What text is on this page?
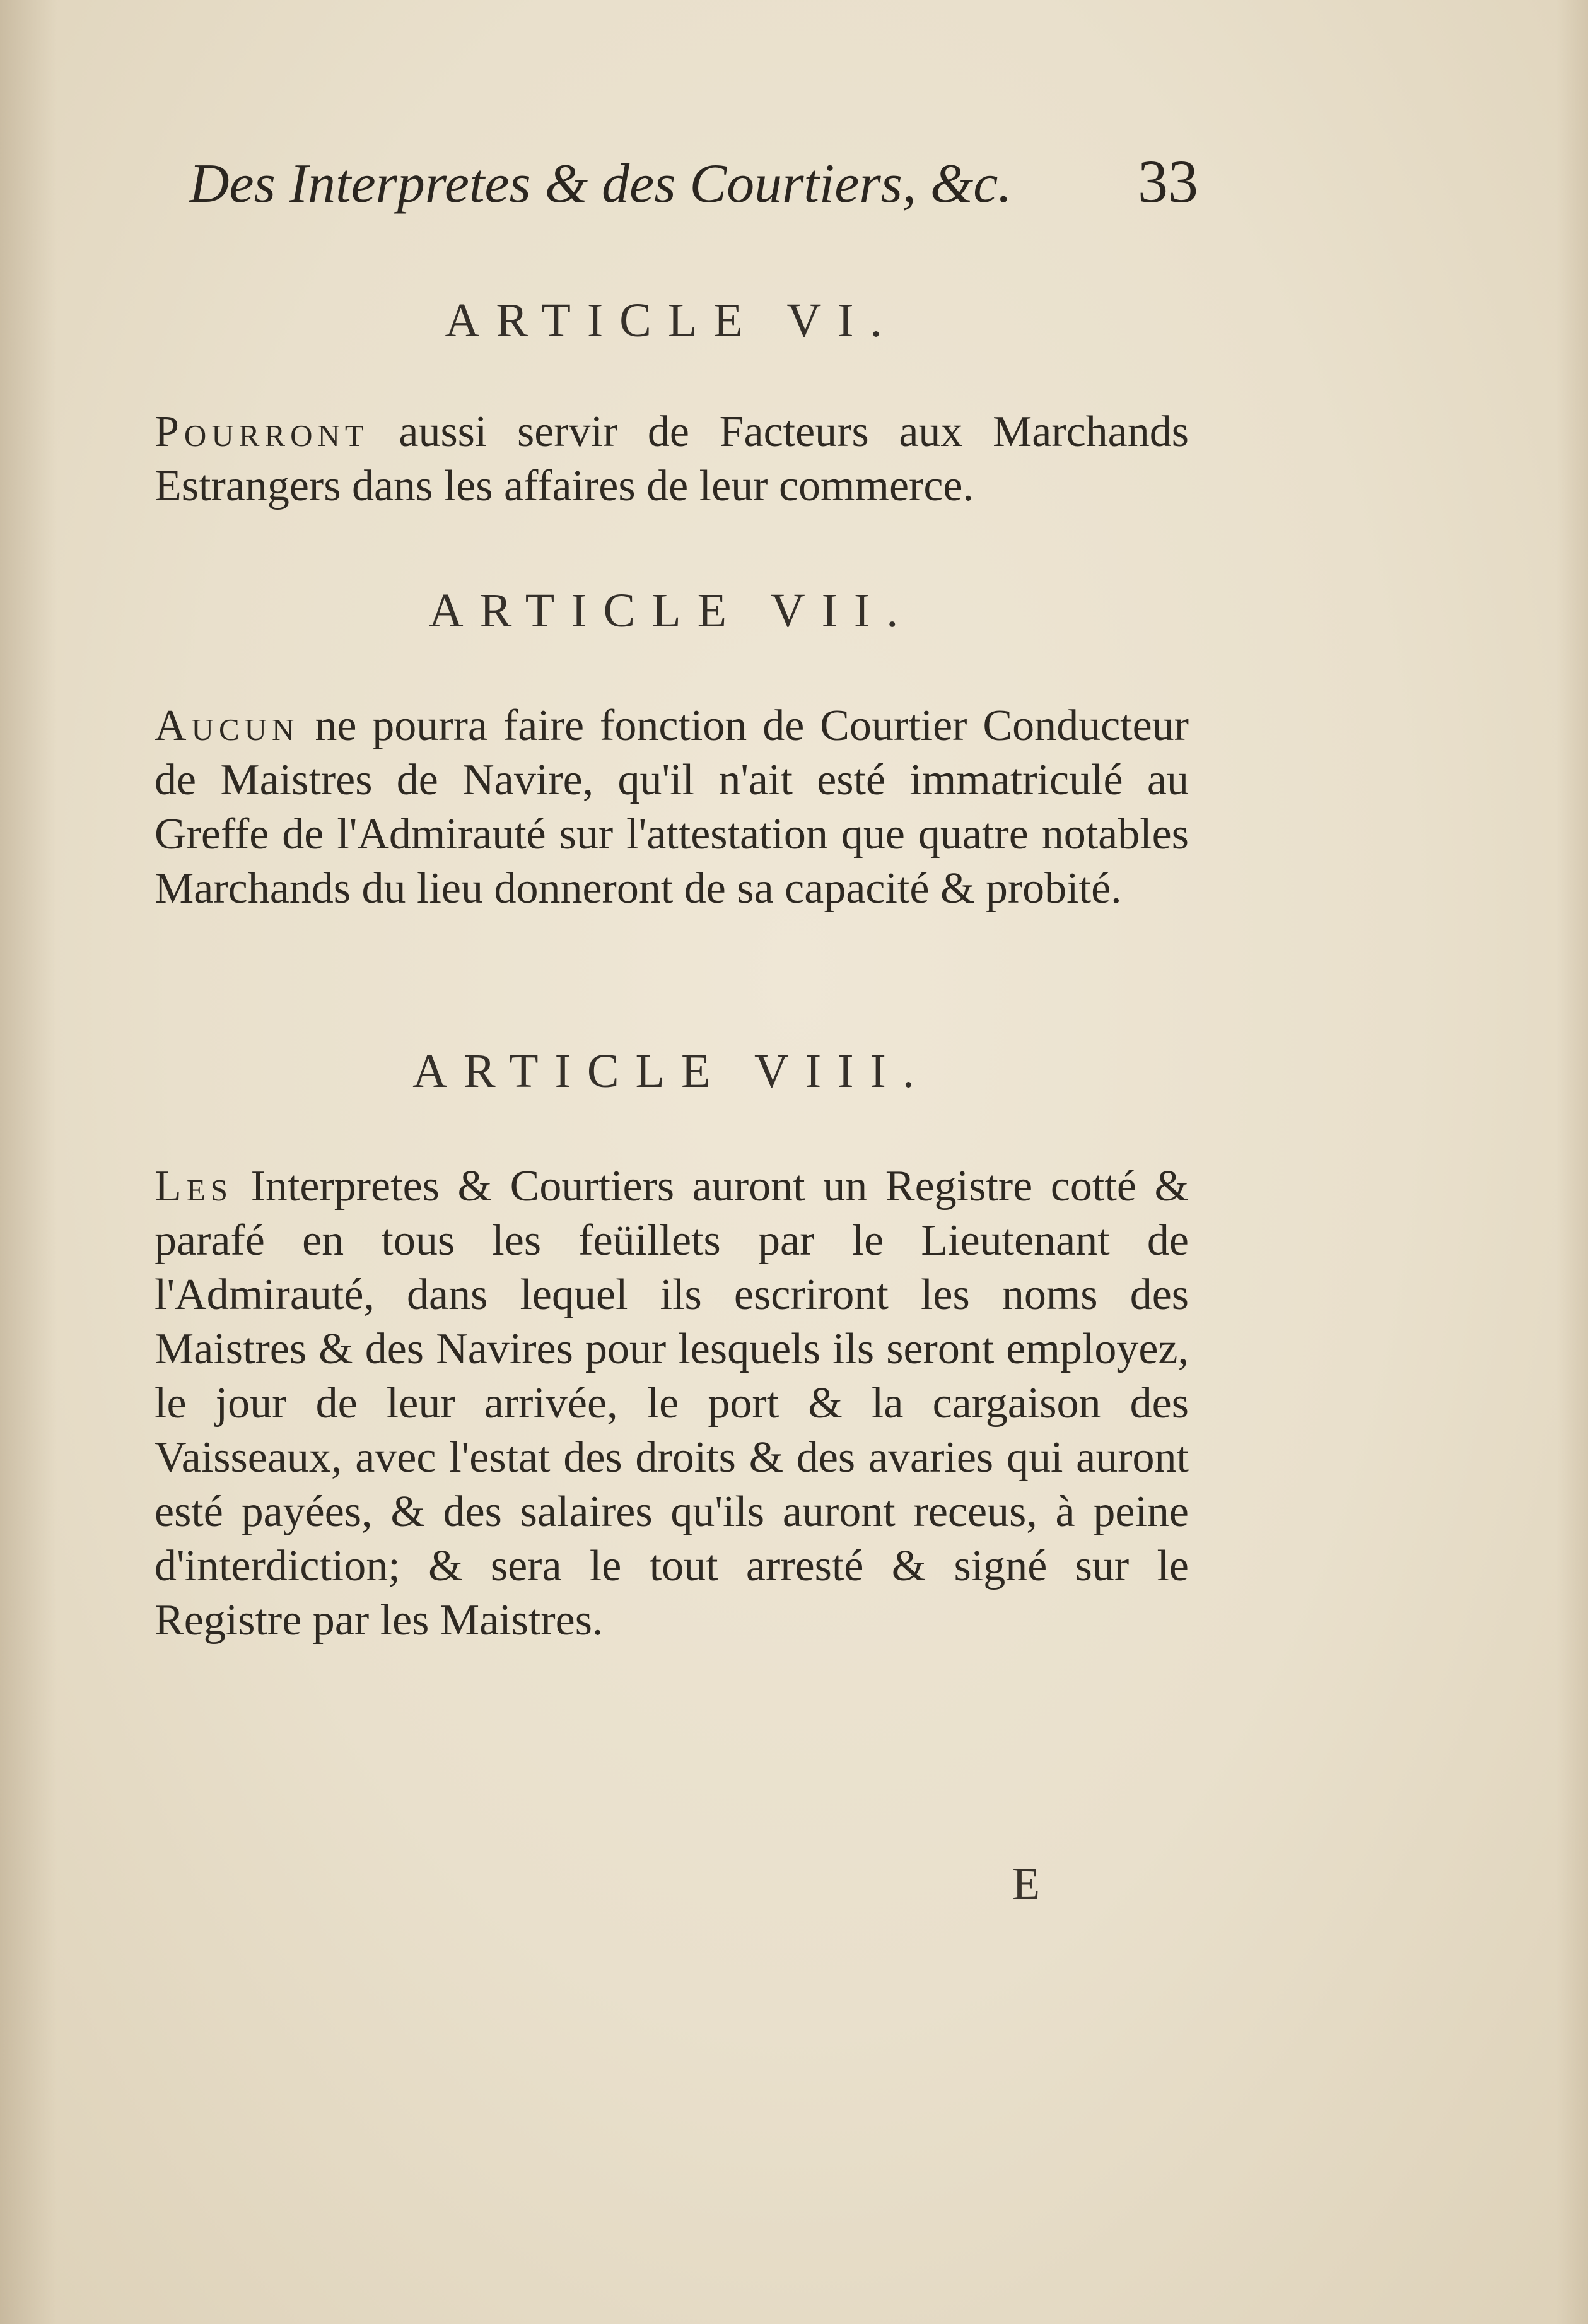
Des Interpretes & des Courtiers, &c. 33
ARTICLE VI.

Pourront aussi servir de Facteurs aux Marchands Estrangers dans les affaires de leur commerce.

ARTICLE VII.

Aucun ne pourra faire fonction de Courtier Conducteur de Maistres de Navire, qu'il n'ait esté immatriculé au Greffe de l'Admirauté sur l'attestation que quatre notables Marchands du lieu donneront de sa capacité & probité.

ARTICLE VIII.

Les Interpretes & Courtiers auront un Registre cotté & parafé en tous les feüillets par le Lieutenant de l'Admirauté, dans lequel ils escriront les noms des Maistres & des Navires pour lesquels ils seront employez, le jour de leur arrivée, le port & la cargaison des Vaisseaux, avec l'estat des droits & des avaries qui auront esté payées, & des salaires qu'ils auront receus, à peine d'interdiction; & sera le tout arresté & signé sur le Registre par les Maistres.

E
